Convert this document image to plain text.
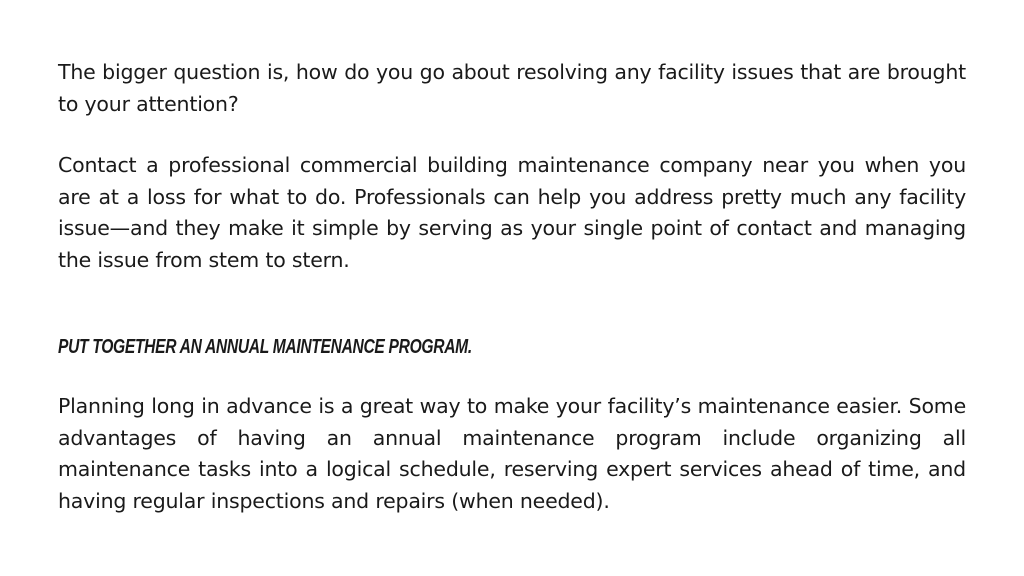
The bigger question is, how do you go about resolving any facility issues that are brought to your attention?

Contact a professional commercial building maintenance company near you when you are at a loss for what to do. Professionals can help you address pretty much any facility issue—and they make it simple by serving as your single point of contact and managing the issue from stem to stern.

PUT TOGETHER AN ANNUAL MAINTENANCE PROGRAM.

Planning long in advance is a great way to make your facility’s maintenance easier. Some advantages of having an annual maintenance program include organizing all maintenance tasks into a logical schedule, reserving expert services ahead of time, and having regular inspections and repairs (when needed).
